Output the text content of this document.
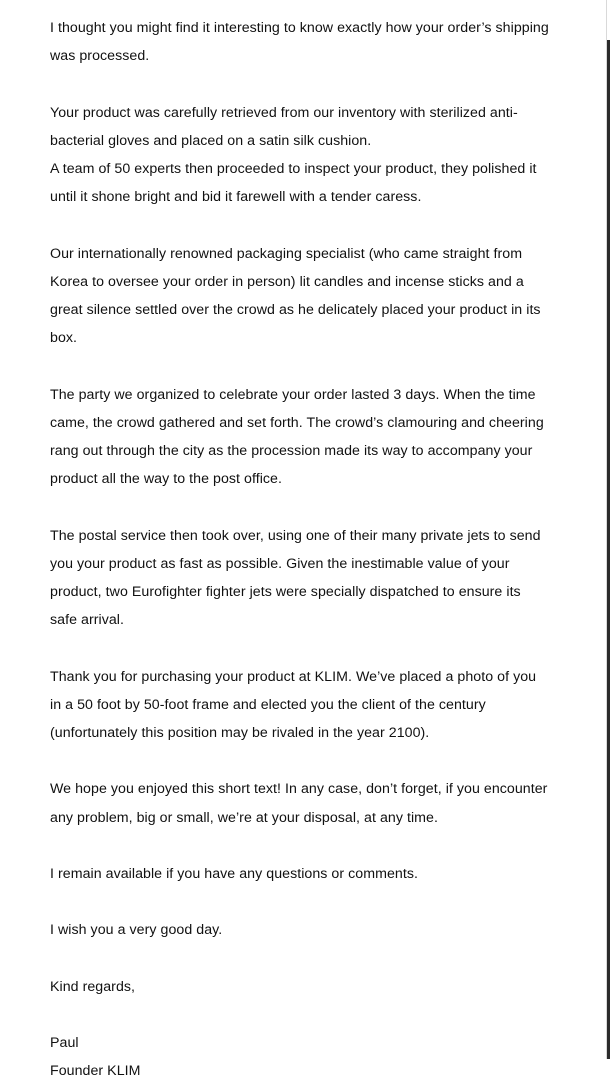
I thought you might find it interesting to know exactly how your order’s shipping was processed.

Your product was carefully retrieved from our inventory with sterilized anti-bacterial gloves and placed on a satin silk cushion.

A team of 50 experts then proceeded to inspect your product, they polished it until it shone bright and bid it farewell with a tender caress.

Our internationally renowned packaging specialist (who came straight from Korea to oversee your order in person) lit candles and incense sticks and a great silence settled over the crowd as he delicately placed your product in its box.

The party we organized to celebrate your order lasted 3 days. When the time came, the crowd gathered and set forth. The crowd’s clamouring and cheering rang out through the city as the procession made its way to accompany your product all the way to the post office.

The postal service then took over, using one of their many private jets to send you your product as fast as possible. Given the inestimable value of your product, two Eurofighter fighter jets were specially dispatched to ensure its safe arrival.

Thank you for purchasing your product at KLIM. We’ve placed a photo of you in a 50 foot by 50-foot frame and elected you the client of the century (unfortunately this position may be rivaled in the year 2100).

We hope you enjoyed this short text! In any case, don’t forget, if you encounter any problem, big or small, we’re at your disposal, at any time.

I remain available if you have any questions or comments.

I wish you a very good day.

Kind regards,

Paul
Founder KLIM
